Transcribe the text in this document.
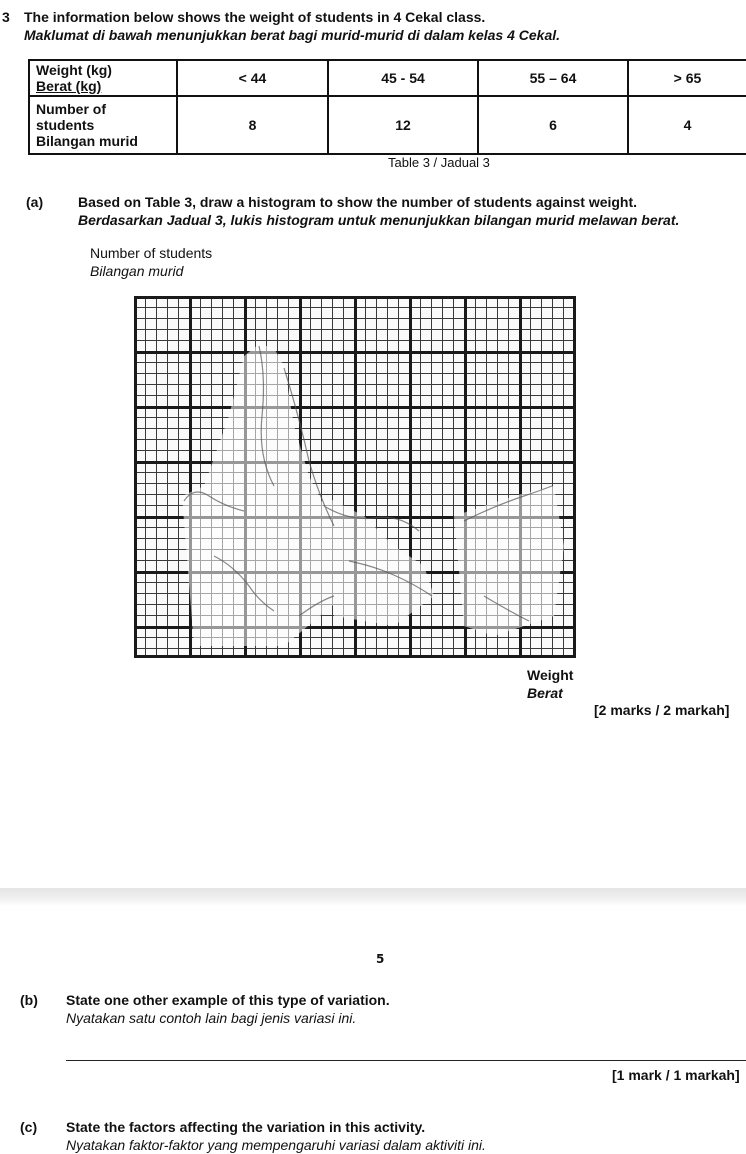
3 The information below shows the weight of students in 4 Cekal class.
Maklumat di bawah menunjukkan berat bagi murid-murid di dalam kelas 4 Cekal.
Weight (kg)
Berat (kg)	< 44	45 - 54	55 – 64	> 65

Number of
students
Bilangan murid	8	12	6	4
Table 3 / Jadual 3
(a) Based on Table 3, draw a histogram to show the number of students against weight.
Berdasarkan Jadual 3, lukis histogram untuk menunjukkan bilangan murid melawan berat.
Number of students
Bilangan murid
Weight
Berat
[2 marks / 2 markah]
5
(b) State one other example of this type of variation.
Nyatakan satu contoh lain bagi jenis variasi ini.
[1 mark / 1 markah]
(c) State the factors affecting the variation in this activity.
Nyatakan faktor-faktor yang mempengaruhi variasi dalam aktiviti ini.
